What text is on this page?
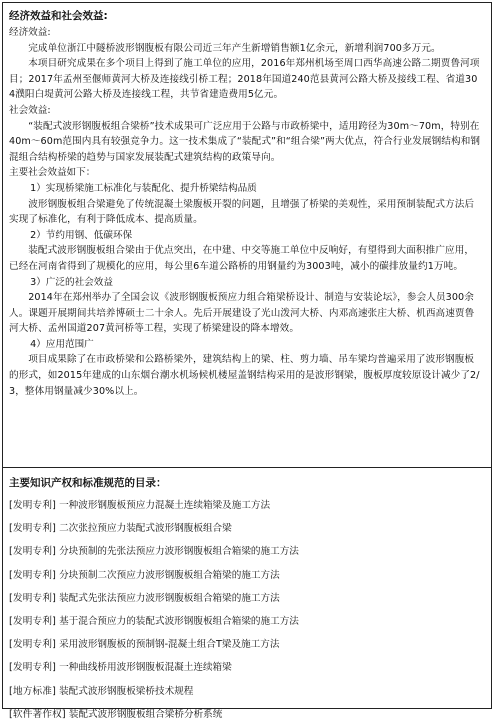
经济效益和社会效益:

经济效益:

完成单位浙江中隧桥波形钢腹板有限公司近三年产生新增销售额1亿余元，新增利润700多万元。

本项目研究成果在多个项目上得到了施工单位的应用，2016年郑州机场至周口西华高速公路二期贾鲁河项目；2017年孟州至偃师黄河大桥及连接线引桥工程；2018年国道240范县黄河公路大桥及接线工程、省道304濮阳白堤黄河公路大桥及连接线工程，共节省建造费用5亿元。

社会效益:

“装配式波形钢腹板组合梁桥”技术成果可广泛应用于公路与市政桥梁中，适用跨径为30m～70m，特别在40m～60m范围内具有较强竞争力。这一技术集成了“装配式”和“组合梁”两大优点，符合行业发展钢结构和钢混组合结构桥梁的趋势与国家发展装配式建筑结构的政策导向。

主要社会效益如下：

1）实现桥梁施工标准化与装配化、提升桥梁结构品质

波形钢腹板组合梁避免了传统混凝土梁腹板开裂的问题，且增强了桥梁的美观性，采用预制装配式方法后实现了标准化，有利于降低成本、提高质量。

2）节约用钢、低碳环保

装配式波形钢腹板组合梁由于优点突出，在中建、中交等施工单位中反响好，有望得到大面积推广应用，已经在河南省得到了规模化的应用，每公里6车道公路桥的用钢量约为3003吨，减小的碳排放量约1万吨。

3）广泛的社会效益

2014年在郑州举办了全国会议《波形钢腹板预应力组合箱梁桥设计、制造与安装论坛》，参会人员300余人。课题开展期间共培养博硕士二十余人。先后开展建设了光山泼河大桥、内邓高速张庄大桥、机西高速贾鲁河大桥、孟州国道207黄河桥等工程，实现了桥梁建设的降本增效。

4）应用范围广

项目成果除了在市政桥梁和公路桥梁外，建筑结构上的梁、柱、剪力墙、吊车梁均普遍采用了波形钢腹板的形式，如2015年建成的山东烟台潮水机场候机楼屋盖钢结构采用的是波形钢梁，腹板厚度较原设计减少了2/3，整体用钢量减少30%以上。

主要知识产权和标准规范的目录：
[发明专利] 一种波形钢腹板预应力混凝土连续箱梁及施工方法
[发明专利] 二次张拉预应力装配式波形钢腹板组合梁
[发明专利] 分块预制的先张法预应力波形钢腹板组合箱梁的施工方法
[发明专利] 分块预制二次预应力波形钢腹板组合箱梁的施工方法
[发明专利] 装配式先张法预应力波形钢腹板组合箱梁的施工方法
[发明专利] 基于混合预应力的装配式波形钢腹板组合箱梁的施工方法
[发明专利] 采用波形钢腹板的预制钢-混凝土组合T梁及施工方法
[发明专利] 一种曲线桥用波形钢腹板混凝土连续箱梁
[地方标准] 装配式波形钢腹板梁桥技术规程
[软件著作权] 装配式波形钢腹板组合梁桥分析系统
